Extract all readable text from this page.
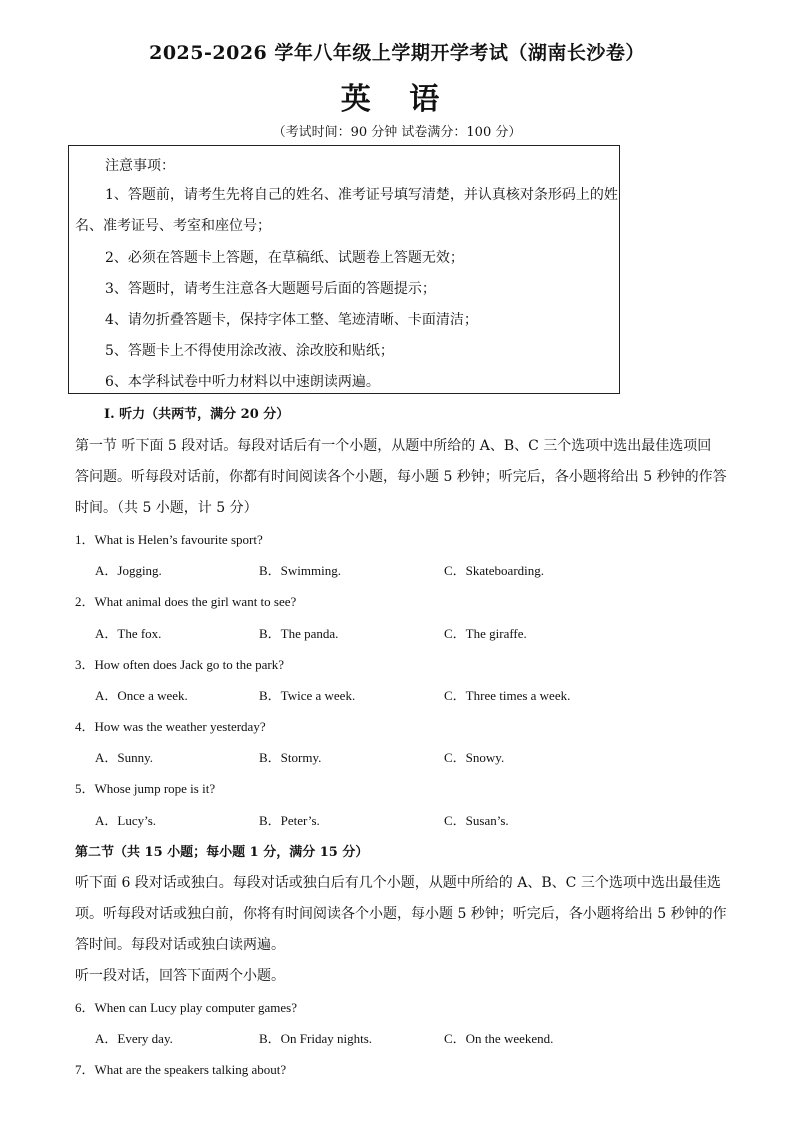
2025-2026 学年八年级上学期开学考试（湖南长沙卷）
英 语
（考试时间：90 分钟 试卷满分：100 分）
注意事项：
1、答题前，请考生先将自己的姓名、准考证号填写清楚，并认真核对条形码上的姓
名、准考证号、考室和座位号；
2、必须在答题卡上答题，在草稿纸、试题卷上答题无效；
3、答题时，请考生注意各大题题号后面的答题提示；
4、请勿折叠答题卡，保持字体工整、笔迹清晰、卡面清洁；
5、答题卡上不得使用涂改液、涂改胶和贴纸；
6、本学科试卷中听力材料以中速朗读两遍。
I. 听力（共两节，满分 20 分）
第一节 听下面 5 段对话。每段对话后有一个小题，从题中所给的 A、B、C 三个选项中选出最佳选项回
答问题。听每段对话前，你都有时间阅读各个小题，每小题 5 秒钟；听完后，各小题将给出 5 秒钟的作答
时间。（共 5 小题，计 5 分）
1．What is Helen’s favourite sport?
A．Jogging.	B．Swimming.	C．Skateboarding.
2．What animal does the girl want to see?
A．The fox.	B．The panda.	C．The giraffe.
3．How often does Jack go to the park?
A．Once a week.	B．Twice a week.	C．Three times a week.
4．How was the weather yesterday?
A．Sunny.	B．Stormy.	C．Snowy.
5．Whose jump rope is it?
A．Lucy’s.	B．Peter’s.	C．Susan’s.
第二节（共 15 小题；每小题 1 分，满分 15 分）
听下面 6 段对话或独白。每段对话或独白后有几个小题，从题中所给的 A、B、C 三个选项中选出最佳选
项。听每段对话或独白前，你将有时间阅读各个小题，每小题 5 秒钟；听完后，各小题将给出 5 秒钟的作
答时间。每段对话或独白读两遍。
听一段对话，回答下面两个小题。
6．When can Lucy play computer games?
A．Every day.	B．On Friday nights.	C．On the weekend.
7．What are the speakers talking about?
